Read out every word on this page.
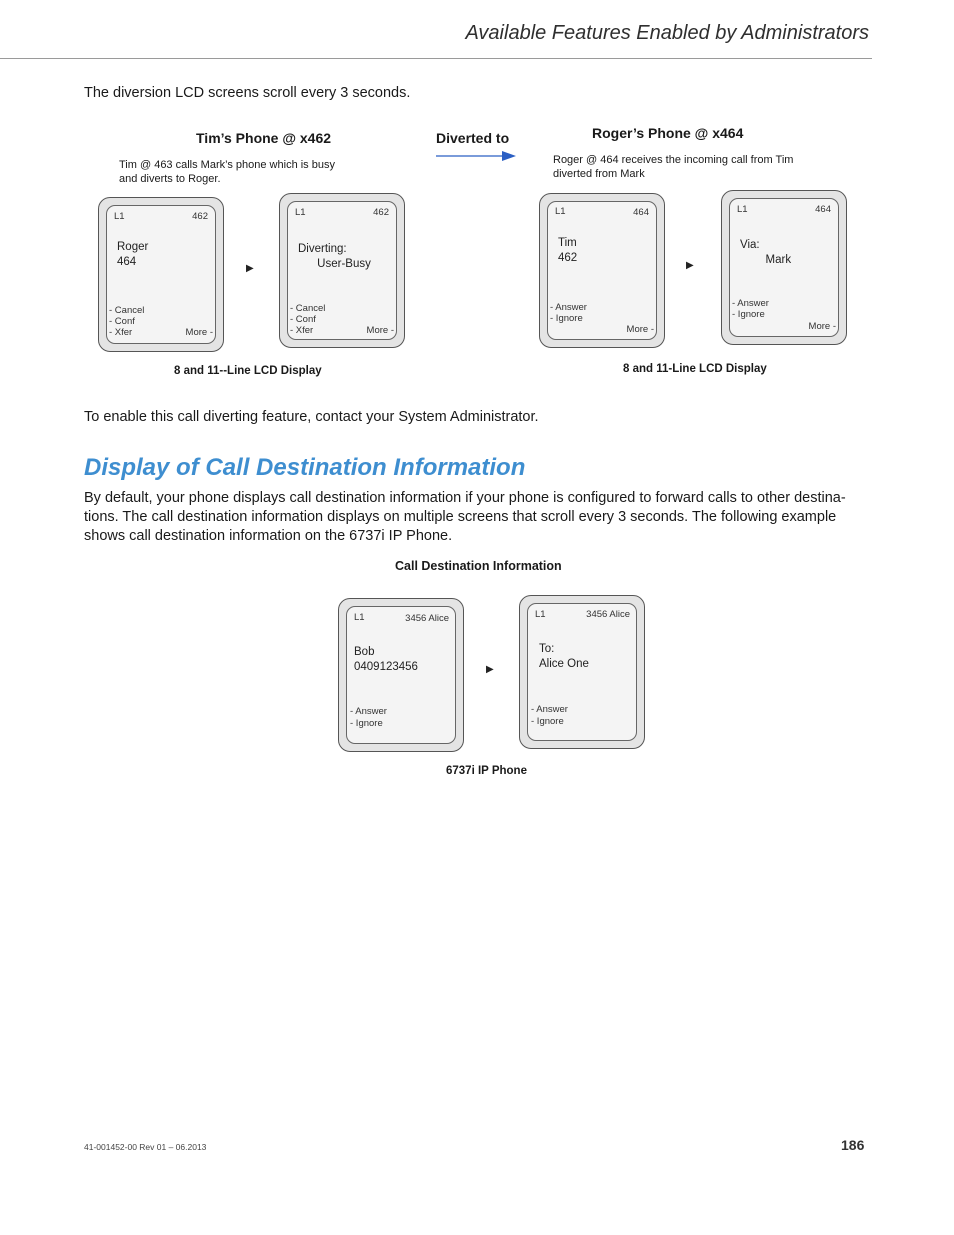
Available Features Enabled by Administrators
The diversion LCD screens scroll every 3 seconds.
Tim’s Phone @ x462	Diverted to	Roger’s Phone @ x464
Tim @ 463 calls Mark’s phone which is busy
and diverts to Roger.
Roger @ 464 receives the incoming call from Tim
diverted from Mark
L1	462
Roger
464
- Cancel
- Conf
- Xfer	More -
▶
L1	462
Diverting:
User-Busy
- Cancel
- Conf
- Xfer	More -
L1	464
Tim
462
- Answer
- Ignore
More -
▶
L1	464
Via:
Mark
- Answer
- Ignore
More -
8 and 11--Line LCD Display	8 and 11-Line LCD Display
To enable this call diverting feature, contact your System Administrator.
Display of Call Destination Information
By default, your phone displays call destination information if your phone is configured to forward calls to other destina-
tions. The call destination information displays on multiple screens that scroll every 3 seconds. The following example
shows call destination information on the 6737i IP Phone.
Call Destination Information
L1	3456 Alice
Bob
0409123456
- Answer
- Ignore
▶
L1	3456 Alice
To:
Alice One
- Answer
- Ignore
6737i IP Phone
41-001452-00 Rev 01 – 06.2013	186
